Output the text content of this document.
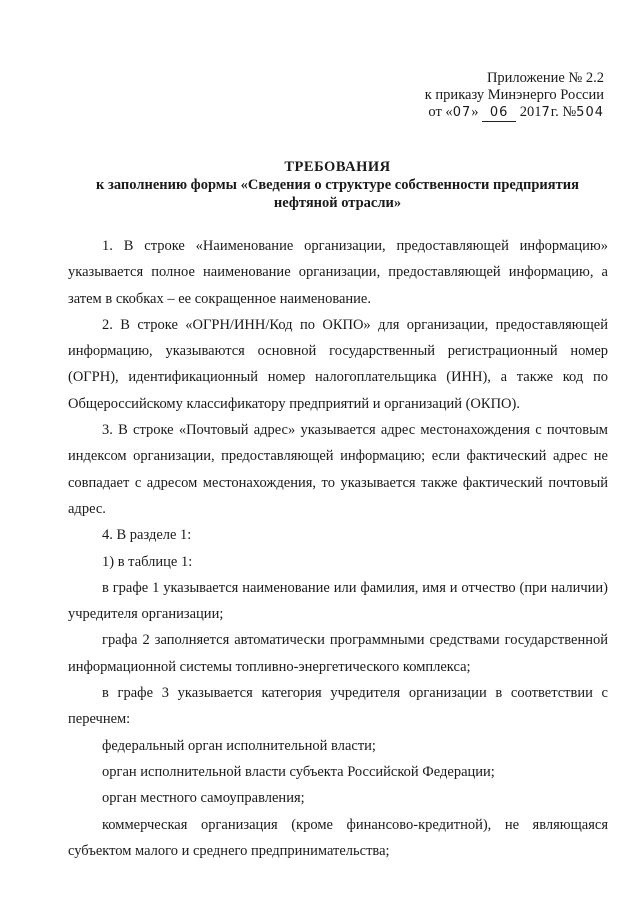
Приложение № 2.2
к приказу Минэнерго России
от «07» 06 2017г. №504
ТРЕБОВАНИЯ
к заполнению формы «Сведения о структуре собственности предприятия
нефтяной отрасли»

1. В строке «Наименование организации, предоставляющей информацию» указывается полное наименование организации, предоставляющей информацию, а затем в скобках – ее сокращенное наименование.

2. В строке «ОГРН/ИНН/Код по ОКПО» для организации, предоставляющей информацию, указываются основной государственный регистрационный номер (ОГРН), идентификационный номер налогоплательщика (ИНН), а также код по Общероссийскому классификатору предприятий и организаций (ОКПО).

3. В строке «Почтовый адрес» указывается адрес местонахождения с почтовым индексом организации, предоставляющей информацию; если фактический адрес не совпадает с адресом местонахождения, то указывается также фактический почтовый адрес.

4. В разделе 1:

1) в таблице 1:

в графе 1 указывается наименование или фамилия, имя и отчество (при наличии) учредителя организации;

графа 2 заполняется автоматически программными средствами государственной информационной системы топливно-энергетического комплекса;

в графе 3 указывается категория учредителя организации в соответствии с перечнем:

федеральный орган исполнительной власти;

орган исполнительной власти субъекта Российской Федерации;

орган местного самоуправления;

коммерческая организация (кроме финансово-кредитной), не являющаяся субъектом малого и среднего предпринимательства;
